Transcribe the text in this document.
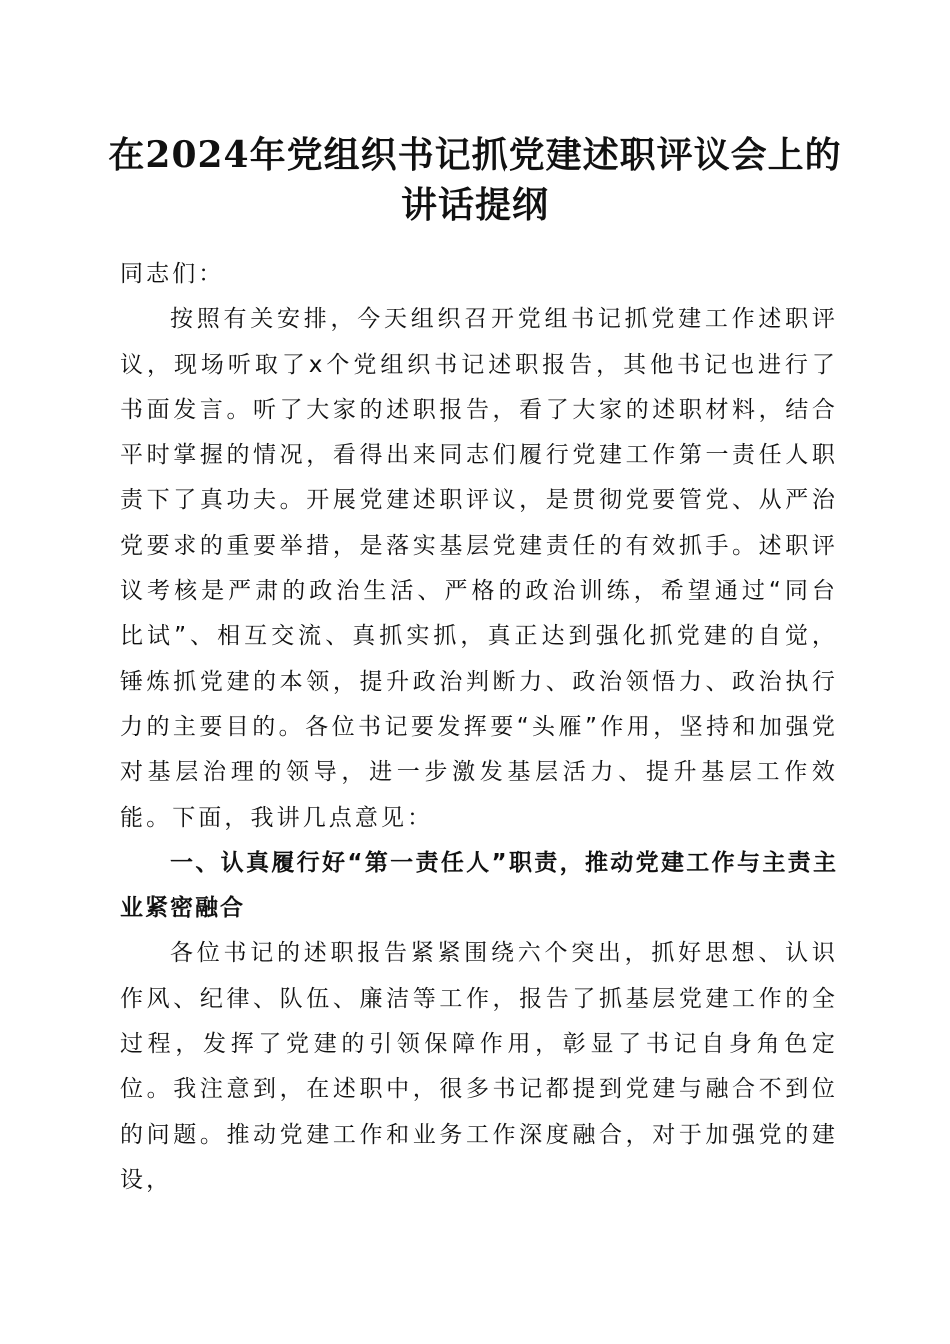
在2024年党组织书记抓党建述职评议会上的
讲话提纲

同志们：

按照有关安排，今天组织召开党组书记抓党建工作述职评议，现场听取了x个党组织书记述职报告，其他书记也进行了书面发言。听了大家的述职报告，看了大家的述职材料，结合平时掌握的情况，看得出来同志们履行党建工作第一责任人职责下了真功夫。开展党建述职评议，是贯彻党要管党、从严治党要求的重要举措，是落实基层党建责任的有效抓手。述职评议考核是严肃的政治生活、严格的政治训练，希望通过“同台比试”、相互交流、真抓实抓，真正达到强化抓党建的自觉，锤炼抓党建的本领，提升政治判断力、政治领悟力、政治执行力的主要目的。各位书记要发挥要“头雁”作用，坚持和加强党对基层治理的领导，进一步激发基层活力、提升基层工作效能。下面，我讲几点意见：

一、认真履行好“第一责任人”职责，推动党建工作与主责主业紧密融合

各位书记的述职报告紧紧围绕六个突出，抓好思想、认识作风、纪律、队伍、廉洁等工作，报告了抓基层党建工作的全过程，发挥了党建的引领保障作用，彰显了书记自身角色定位。我注意到，在述职中，很多书记都提到党建与融合不到位的问题。推动党建工作和业务工作深度融合，对于加强党的建设，
